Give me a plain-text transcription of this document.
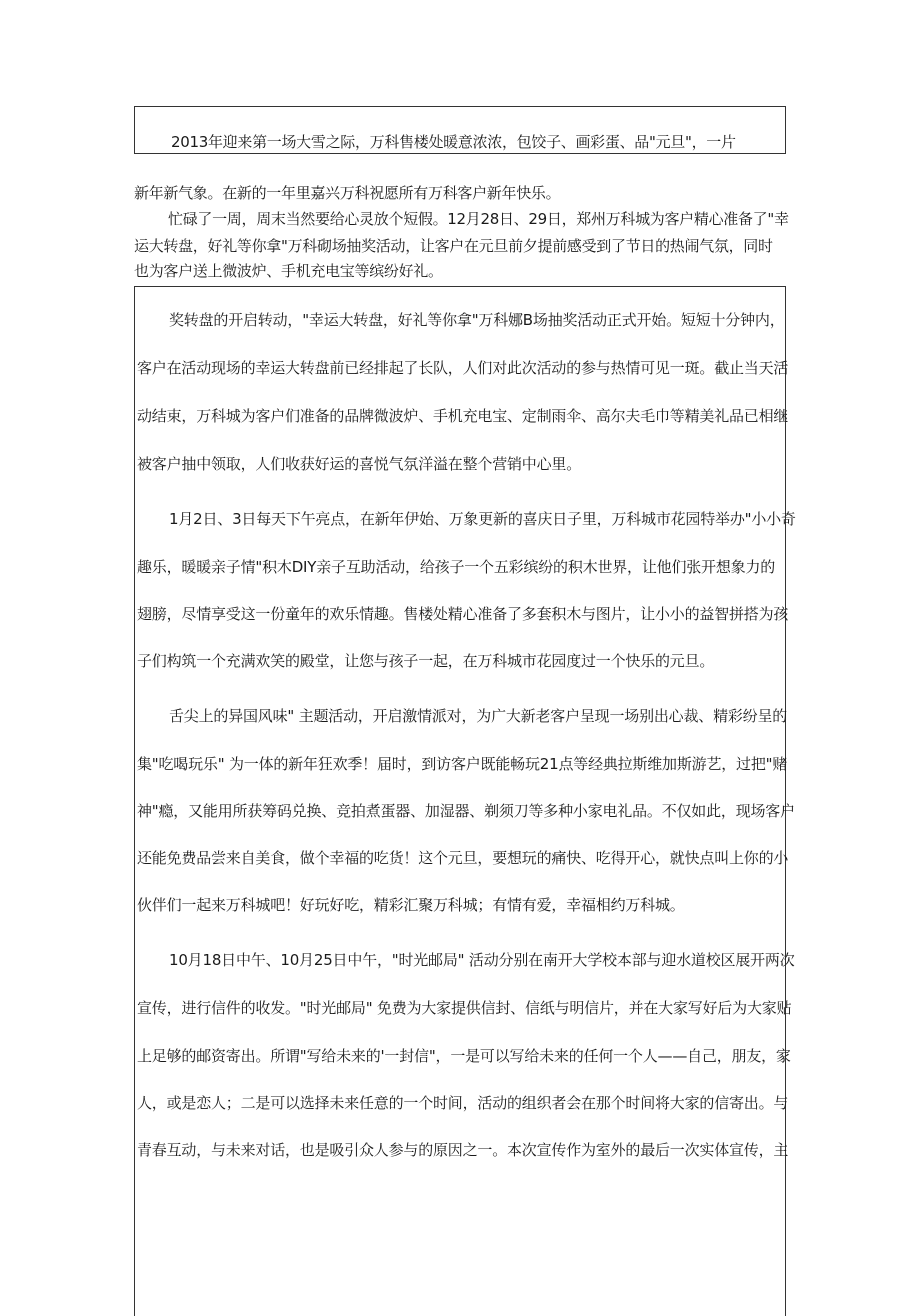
2013年迎来第一场大雪之际，万科售楼处暖意浓浓，包饺子、画彩蛋、品"元旦"，一片
新年新气象。在新的一年里嘉兴万科祝愿所有万科客户新年快乐。
忙碌了一周，周末当然要给心灵放个短假。12月28日、29日，郑州万科城为客户精心准备了"幸
运大转盘，好礼等你拿"万科砌场抽奖活动，让客户在元旦前夕提前感受到了节日的热闹气氛，同时
也为客户送上微波炉、手机充电宝等缤纷好礼。
奖转盘的开启转动，"幸运大转盘，好礼等你拿"万科娜B场抽奖活动正式开始。短短十分钟内，
客户在活动现场的幸运大转盘前已经排起了长队，人们对此次活动的参与热情可见一斑。截止当天活
动结束，万科城为客户们准备的品牌微波炉、手机充电宝、定制雨伞、高尔夫毛巾等精美礼品已相继
被客户抽中领取，人们收获好运的喜悦气氛洋溢在整个营销中心里。
1月2日、3日每天下午亮点，在新年伊始、万象更新的喜庆日子里，万科城市花园特举办"小小奇
趣乐，暖暖亲子情"积木DIY亲子互助活动，给孩子一个五彩缤纷的积木世界，让他们张开想象力的
翅膀，尽情享受这一份童年的欢乐情趣。售楼处精心准备了多套积木与图片，让小小的益智拼搭为孩
子们构筑一个充满欢笑的殿堂，让您与孩子一起，在万科城市花园度过一个快乐的元旦。
舌尖上的异国风味" 主题活动，开启激情派对，为广大新老客户呈现一场别出心裁、精彩纷呈的
集"吃喝玩乐" 为一体的新年狂欢季！届时，到访客户既能畅玩21点等经典拉斯维加斯游艺，过把"赌
神"瘾，又能用所获筹码兑换、竞拍煮蛋器、加湿器、剃须刀等多种小家电礼品。不仅如此，现场客户
还能免费品尝来自美食，做个幸福的吃货！这个元旦，要想玩的痛快、吃得开心，就快点叫上你的小
伙伴们一起来万科城吧！好玩好吃，精彩汇聚万科城；有情有爱，幸福相约万科城。
10月18日中午、10月25日中午，"时光邮局" 活动分别在南开大学校本部与迎水道校区展开两次
宣传，进行信件的收发。"时光邮局" 免费为大家提供信封、信纸与明信片，并在大家写好后为大家贴
上足够的邮资寄出。所谓"写给未来的'一封信"，一是可以写给未来的任何一个人——自己，朋友，家
人，或是恋人；二是可以选择未来任意的一个时间，活动的组织者会在那个时间将大家的信寄出。与
青春互动，与未来对话，也是吸引众人参与的原因之一。本次宣传作为室外的最后一次实体宣传，主
